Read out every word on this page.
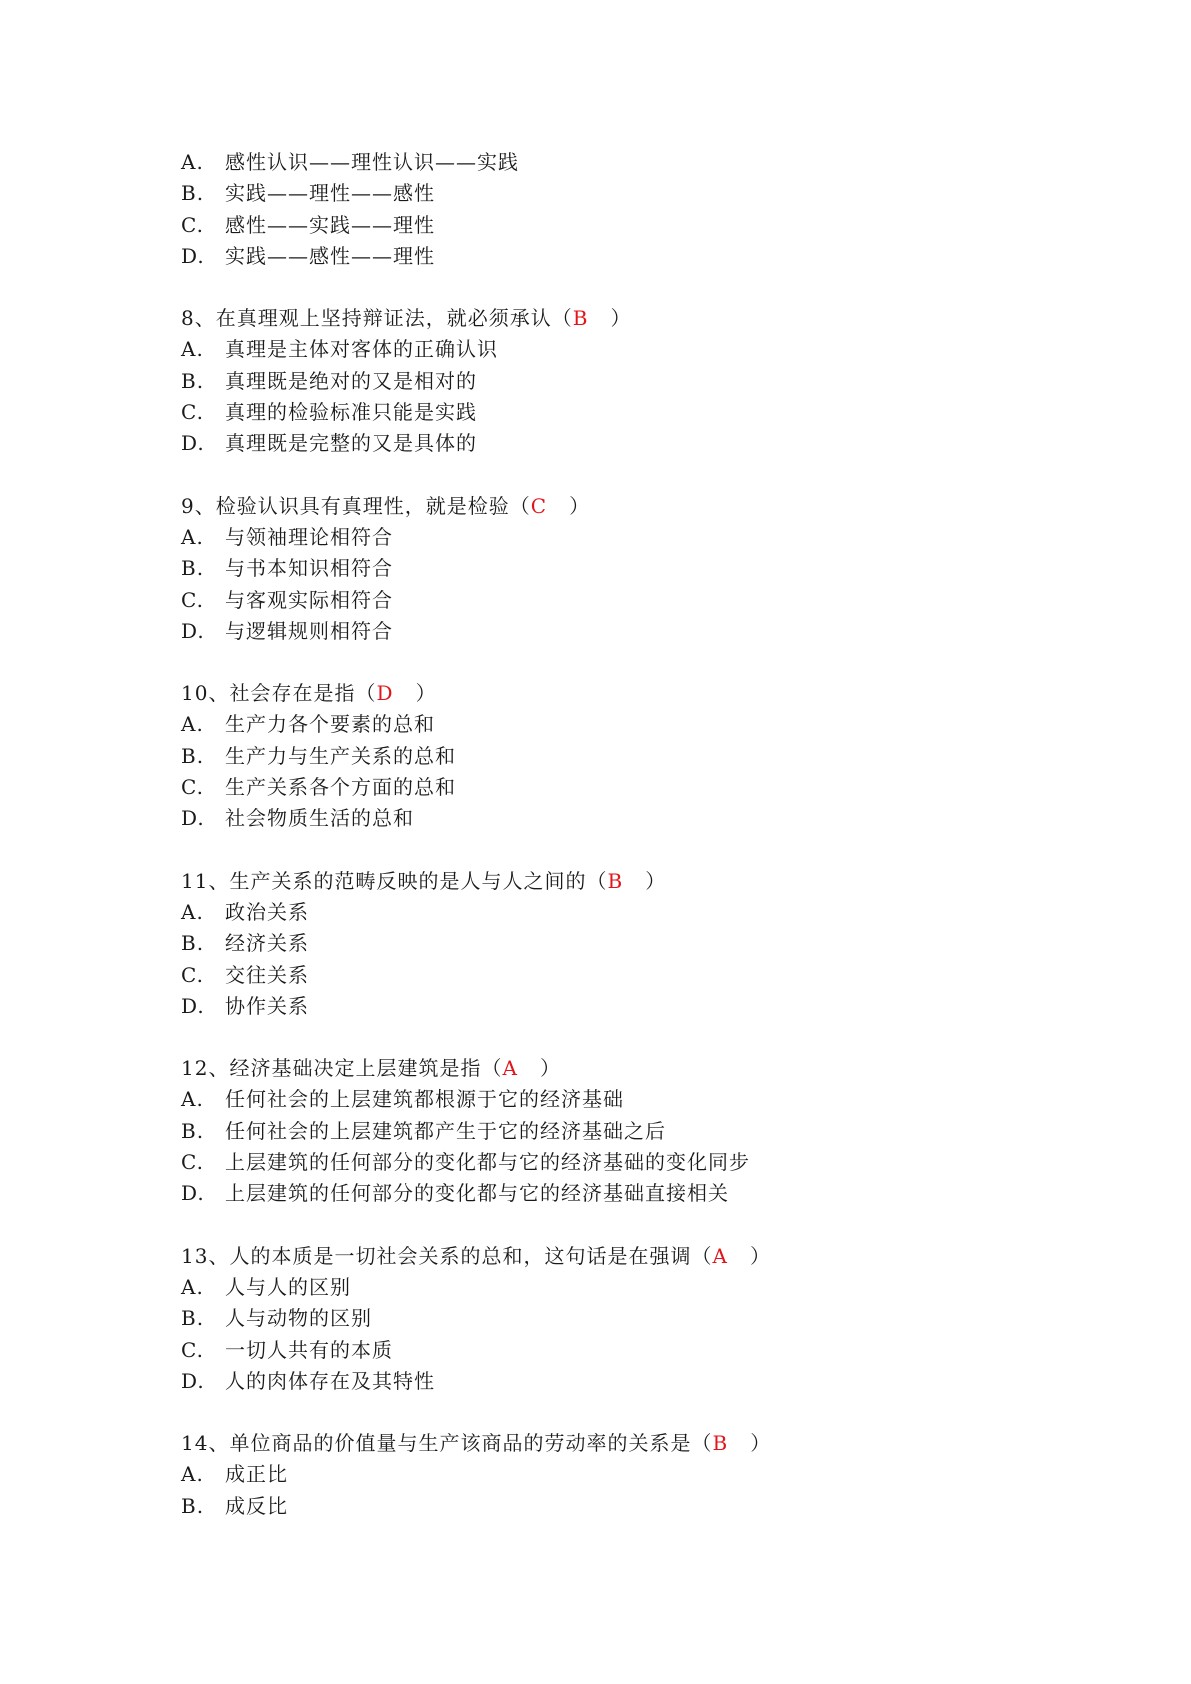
A. 感性认识——理性认识——实践
B. 实践——理性——感性
C. 感性——实践——理性
D. 实践——感性——理性
8、在真理观上坚持辩证法，就必须承认（B ）
A. 真理是主体对客体的正确认识
B. 真理既是绝对的又是相对的
C. 真理的检验标准只能是实践
D. 真理既是完整的又是具体的
9、检验认识具有真理性，就是检验（C ）
A. 与领袖理论相符合
B. 与书本知识相符合
C. 与客观实际相符合
D. 与逻辑规则相符合
10、社会存在是指（D ）
A. 生产力各个要素的总和
B. 生产力与生产关系的总和
C. 生产关系各个方面的总和
D. 社会物质生活的总和
11、生产关系的范畴反映的是人与人之间的（B ）
A. 政治关系
B. 经济关系
C. 交往关系
D. 协作关系
12、经济基础决定上层建筑是指（A ）
A. 任何社会的上层建筑都根源于它的经济基础
B. 任何社会的上层建筑都产生于它的经济基础之后
C. 上层建筑的任何部分的变化都与它的经济基础的变化同步
D. 上层建筑的任何部分的变化都与它的经济基础直接相关
13、人的本质是一切社会关系的总和，这句话是在强调（A ）
A. 人与人的区别
B. 人与动物的区别
C. 一切人共有的本质
D. 人的肉体存在及其特性
14、单位商品的价值量与生产该商品的劳动率的关系是（B ）
A. 成正比
B. 成反比
